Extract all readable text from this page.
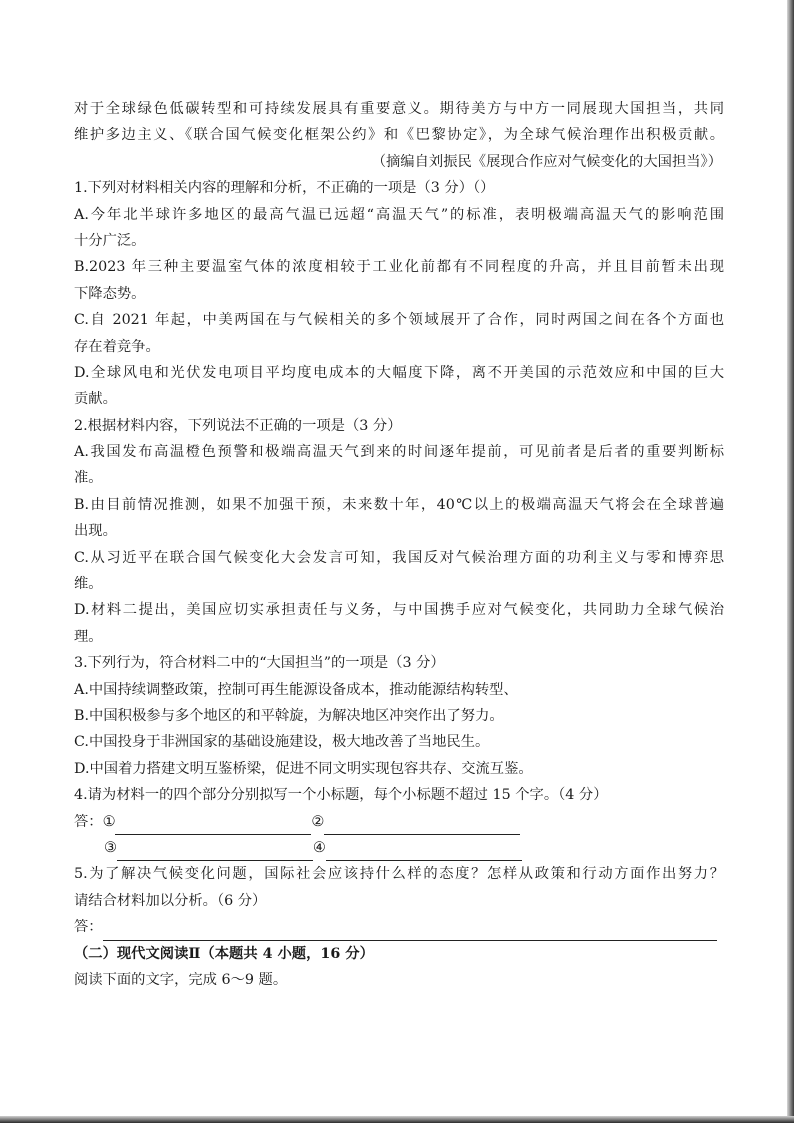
对于全球绿色低碳转型和可持续发展具有重要意义。期待美方与中方一同展现大国担当，共同
维护多边主义、《联合国气候变化框架公约》和《巴黎协定》，为全球气候治理作出积极贡献。
（摘编自刘振民《展现合作应对气候变化的大国担当》）
1.下列对材料相关内容的理解和分析，不正确的一项是（3 分）（）
A.今年北半球许多地区的最高气温已远超“高温天气”的标准，表明极端高温天气的影响范围
十分广泛。
B.2023 年三种主要温室气体的浓度相较于工业化前都有不同程度的升高，并且目前暂未出现
下降态势。
C.自 2021 年起，中美两国在与气候相关的多个领域展开了合作，同时两国之间在各个方面也
存在着竞争。
D.全球风电和光伏发电项目平均度电成本的大幅度下降，离不开美国的示范效应和中国的巨大
贡献。
2.根据材料内容，下列说法不正确的一项是（3 分）
A.我国发布高温橙色预警和极端高温天气到来的时间逐年提前，可见前者是后者的重要判断标
准。
B.由目前情况推测，如果不加强干预，未来数十年，40℃以上的极端高温天气将会在全球普遍
出现。
C.从习近平在联合国气候变化大会发言可知，我国反对气候治理方面的功利主义与零和博弈思
维。
D.材料二提出，美国应切实承担责任与义务，与中国携手应对气候变化，共同助力全球气候治
理。
3.下列行为，符合材料二中的“大国担当”的一项是（3 分）
A.中国持续调整政策，控制可再生能源设备成本，推动能源结构转型、
B.中国积极参与多个地区的和平斡旋，为解决地区冲突作出了努力。
C.中国投身于非洲国家的基础设施建设，极大地改善了当地民生。
D.中国着力搭建文明互鉴桥梁，促进不同文明实现包容共存、交流互鉴。
4.请为材料一的四个部分分别拟写一个小标题，每个小标题不超过 15 个字。（4 分）
答： ①	②
③	④
5.为了解决气候变化问题，国际社会应该持什么样的态度？怎样从政策和行动方面作出努力？
请结合材料加以分析。（6 分）
答：
（二）现代文阅读Ⅱ（本题共 4 小题，16 分）
阅读下面的文字，完成 6～9 题。
